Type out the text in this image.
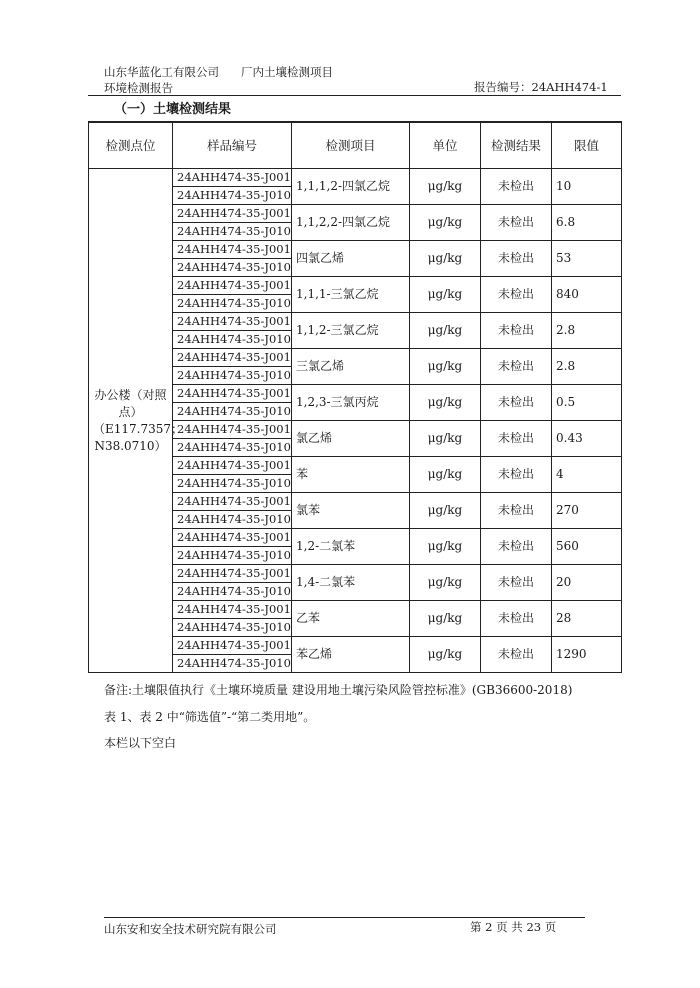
山东华蓝化工有限公司 厂内土壤检测项目
环境检测报告	报告编号：24AHH474-1
（一）土壤检测结果
检测点位	样品编号	检测项目	单位	检测结果	限值

办公楼（对照点）
（E117.7357；N38.0710）	24AHH474-35-J001	1,1,1,2-四氯乙烷	μg/kg	未检出	10
	24AHH474-35-J010				
	24AHH474-35-J001	1,1,2,2-四氯乙烷	μg/kg	未检出	6.8
	24AHH474-35-J010				
	24AHH474-35-J001	四氯乙烯	μg/kg	未检出	53
	24AHH474-35-J010				
	24AHH474-35-J001	1,1,1-三氯乙烷	μg/kg	未检出	840
	24AHH474-35-J010				
	24AHH474-35-J001	1,1,2-三氯乙烷	μg/kg	未检出	2.8
	24AHH474-35-J010				
	24AHH474-35-J001	三氯乙烯	μg/kg	未检出	2.8
	24AHH474-35-J010				
	24AHH474-35-J001	1,2,3-三氯丙烷	μg/kg	未检出	0.5
	24AHH474-35-J010				
	24AHH474-35-J001	氯乙烯	μg/kg	未检出	0.43
	24AHH474-35-J010				
	24AHH474-35-J001	苯	μg/kg	未检出	4
	24AHH474-35-J010				
	24AHH474-35-J001	氯苯	μg/kg	未检出	270
	24AHH474-35-J010				
	24AHH474-35-J001	1,2-二氯苯	μg/kg	未检出	560
	24AHH474-35-J010				
	24AHH474-35-J001	1,4-二氯苯	μg/kg	未检出	20
	24AHH474-35-J010				
	24AHH474-35-J001	乙苯	μg/kg	未检出	28
	24AHH474-35-J010				
	24AHH474-35-J001	苯乙烯	μg/kg	未检出	1290
	24AHH474-35-J010				
备注:土壤限值执行《土壤环境质量 建设用地土壤污染风险管控标准》(GB36600-2018)
表 1、表 2 中“筛选值”-“第二类用地”。
本栏以下空白
山东安和安全技术研究院有限公司	第 2 页 共 23 页
